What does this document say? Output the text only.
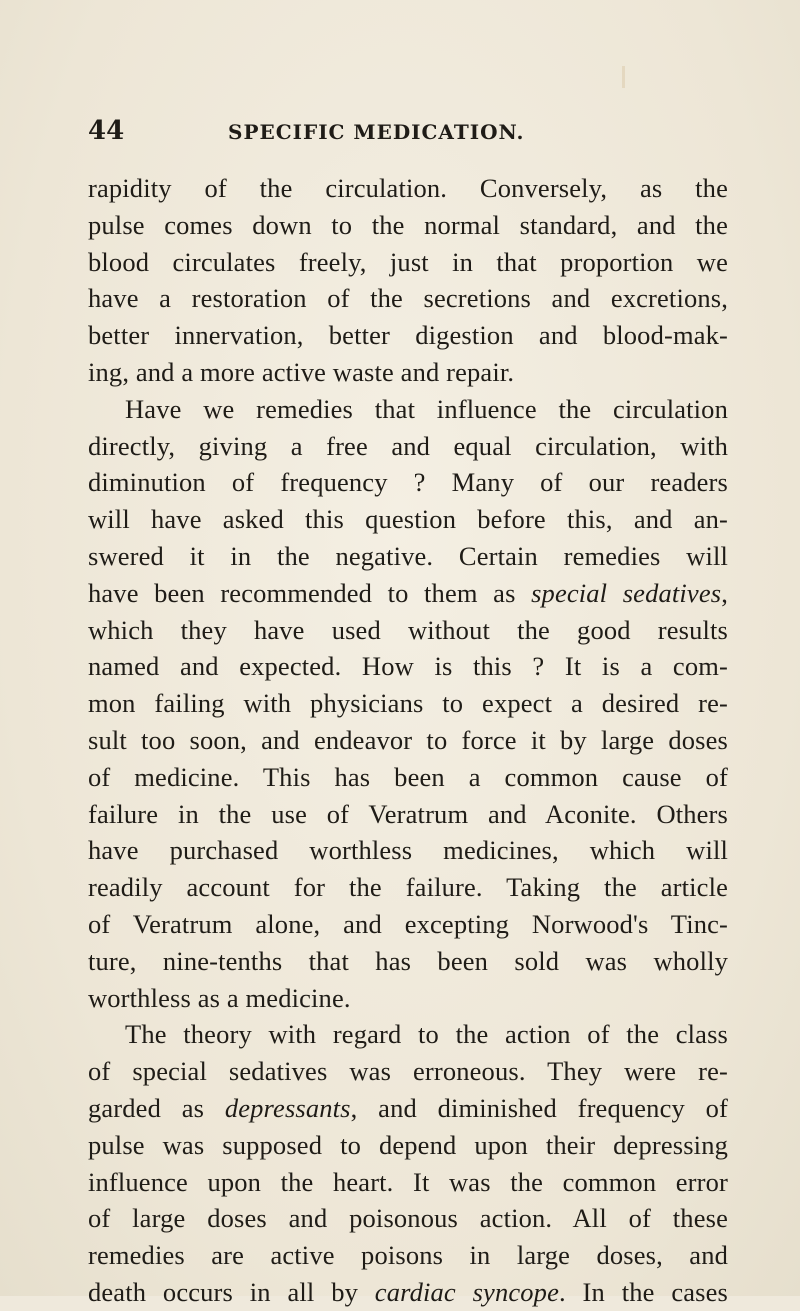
44	SPECIFIC MEDICATION.
rapidity of the circulation. Conversely, as the
pulse comes down to the normal standard, and the
blood circulates freely, just in that proportion we
have a restoration of the secretions and excretions,
better innervation, better digestion and blood-mak-
ing, and a more active waste and repair.
Have we remedies that influence the circulation
directly, giving a free and equal circulation, with
diminution of frequency ? Many of our readers
will have asked this question before this, and an-
swered it in the negative. Certain remedies will
have been recommended to them as special sedatives,
which they have used without the good results
named and expected. How is this ? It is a com-
mon failing with physicians to expect a desired re-
sult too soon, and endeavor to force it by large doses
of medicine. This has been a common cause of
failure in the use of Veratrum and Aconite. Others
have purchased worthless medicines, which will
readily account for the failure. Taking the article
of Veratrum alone, and excepting Norwood's Tinc-
ture, nine-tenths that has been sold was wholly
worthless as a medicine.
The theory with regard to the action of the class
of special sedatives was erroneous. They were re-
garded as depressants, and diminished frequency of
pulse was supposed to depend upon their depressing
influence upon the heart. It was the common error
of large doses and poisonous action. All of these
remedies are active poisons in large doses, and
death occurs in all by cardiac syncope. In the cases
